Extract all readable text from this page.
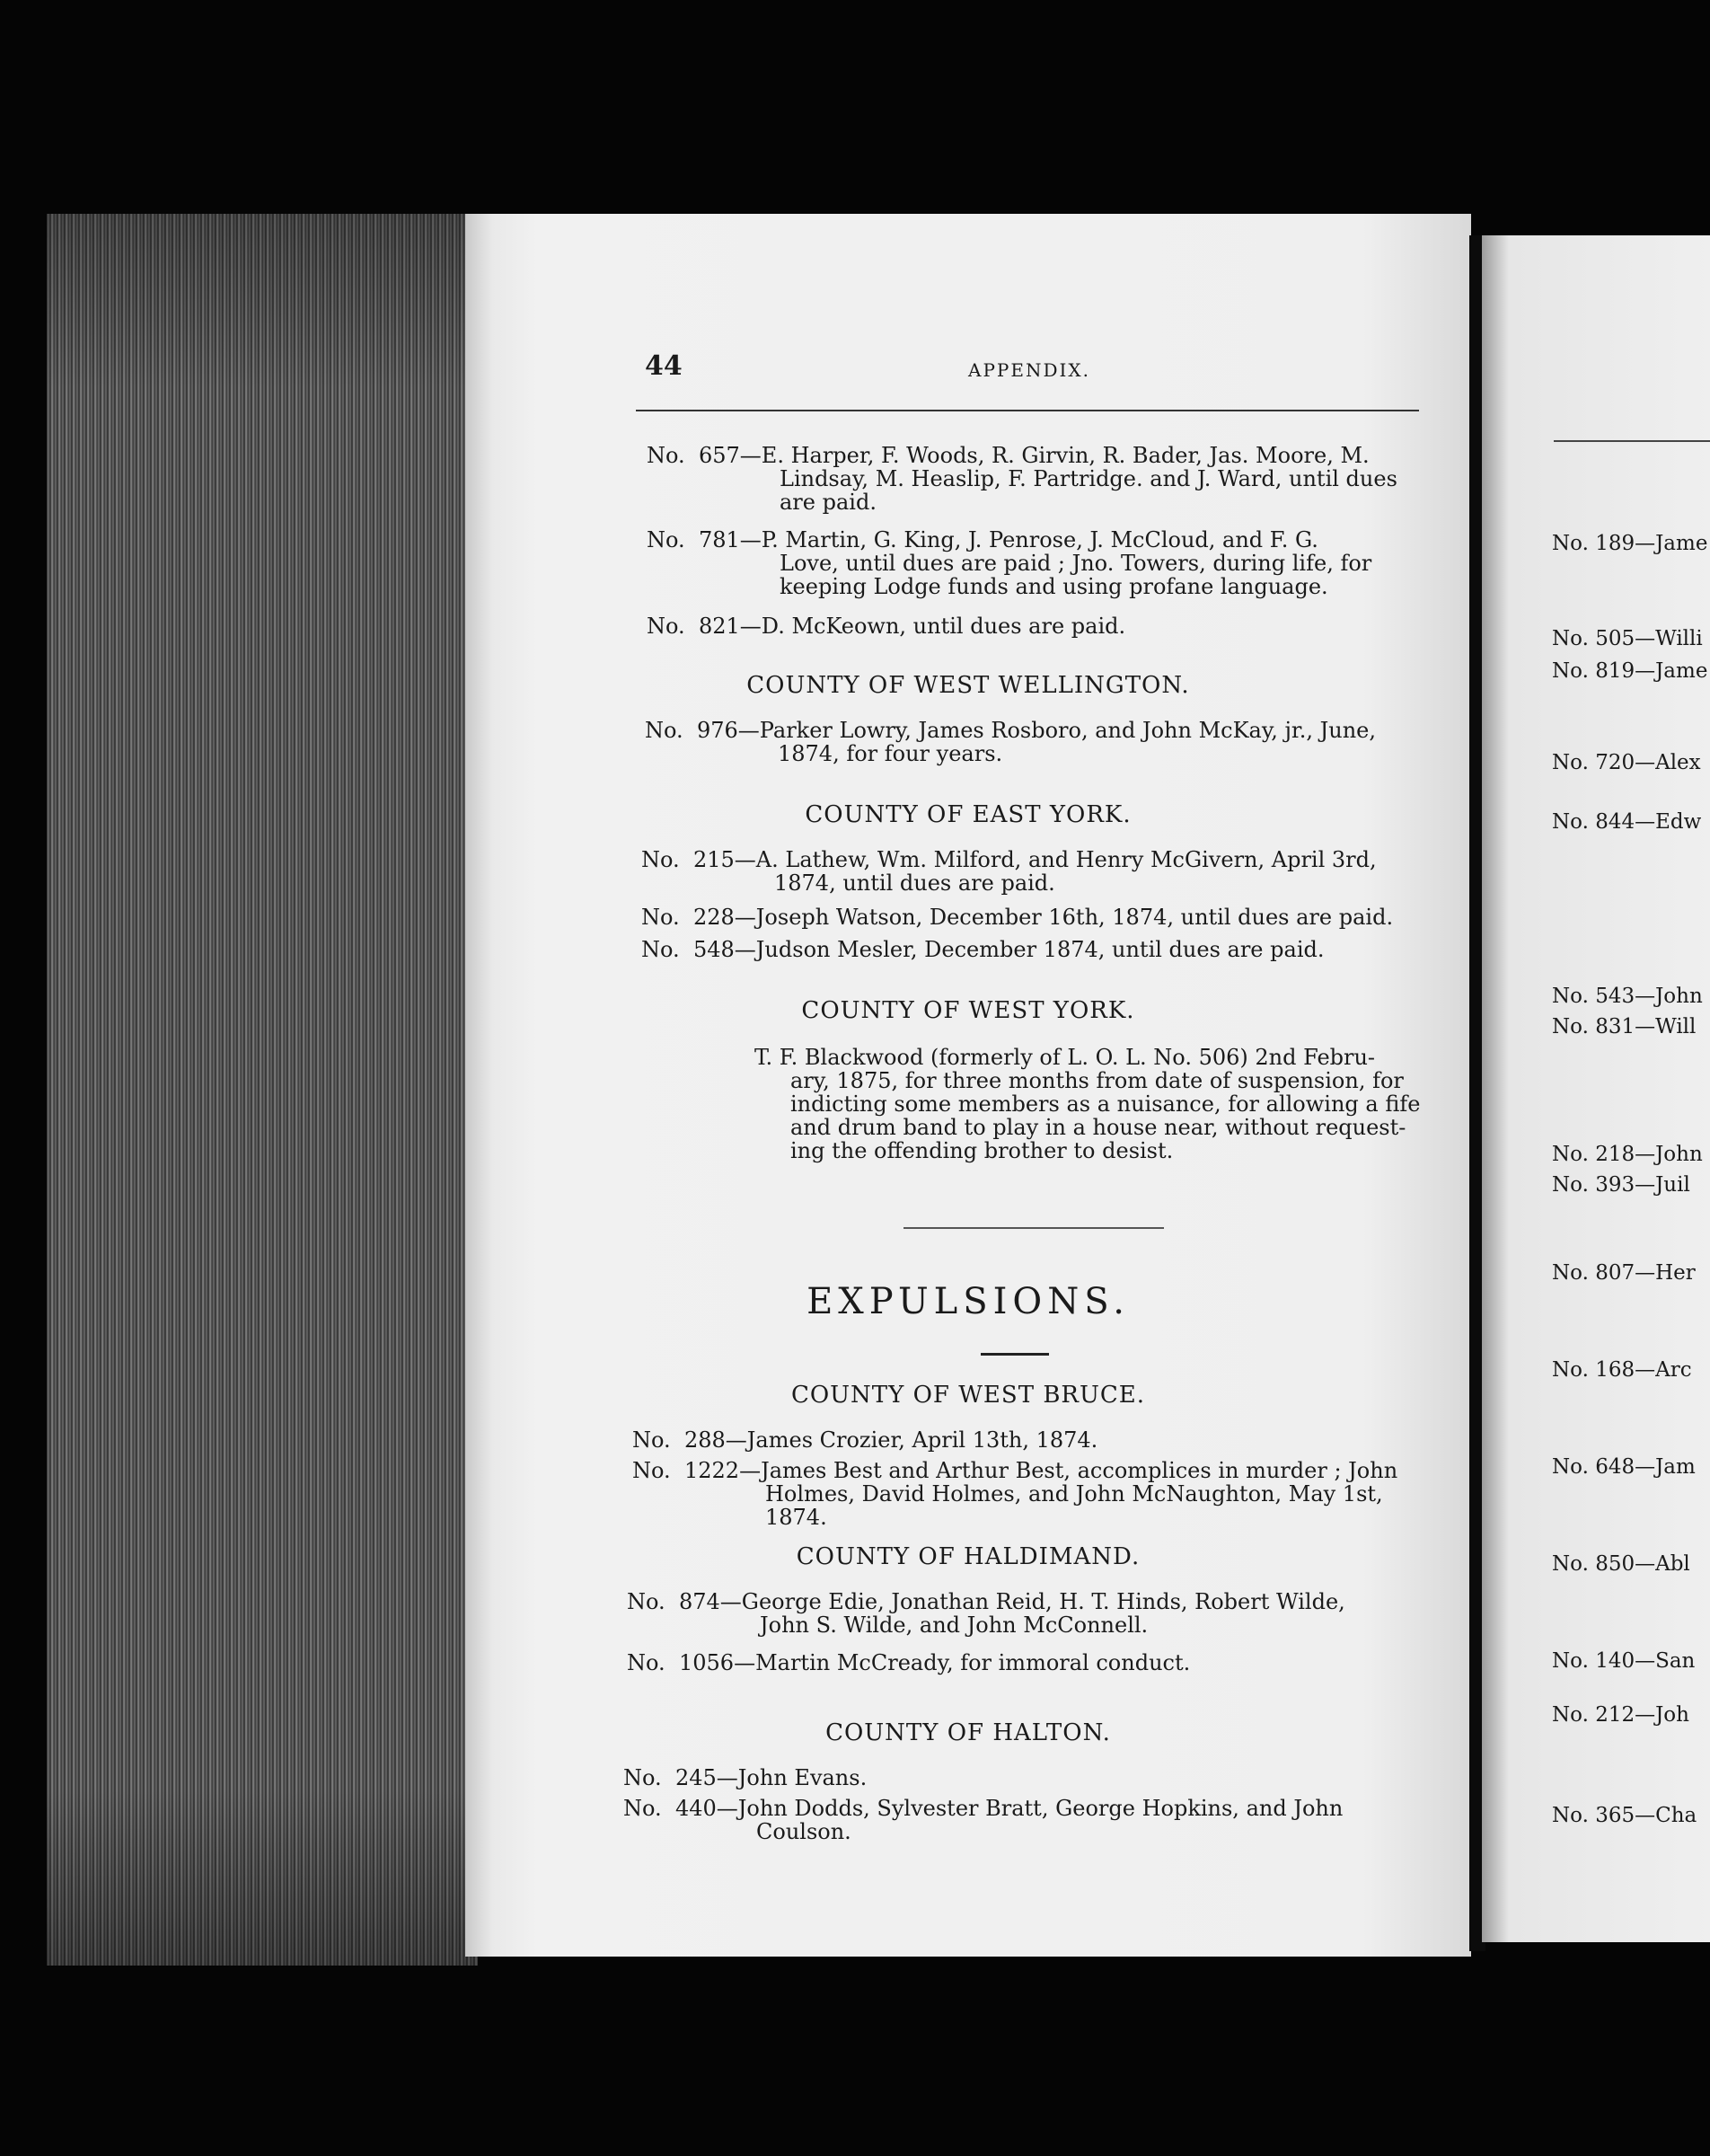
44	APPENDIX.
No. 657—E. Harper, F. Woods, R. Girvin, R. Bader, Jas. Moore, M.
Lindsay, M. Heaslip, F. Partridge. and J. Ward, until dues are paid.
No. 781—P. Martin, G. King, J. Penrose, J. McCloud, and F. G.
Love, until dues are paid ; Jno. Towers, during life, for keeping Lodge funds and using profane language.
No. 821—D. McKeown, until dues are paid.
COUNTY OF WEST WELLINGTON.
No. 976—Parker Lowry, James Rosboro, and John McKay, jr., June,
1874, for four years.
COUNTY OF EAST YORK.
No. 215—A. Lathew, Wm. Milford, and Henry McGivern, April 3rd,
1874, until dues are paid.
No. 228—Joseph Watson, December 16th, 1874, until dues are paid.
No. 548—Judson Mesler, December 1874, until dues are paid.
COUNTY OF WEST YORK.
T. F. Blackwood (formerly of L. O. L. No. 506) 2nd Febru-
ary, 1875, for three months from date of suspension, for indicting some members as a nuisance, for allowing a fife and drum band to play in a house near, without request-ing the offending brother to desist.
EXPULSIONS.
COUNTY OF WEST BRUCE.
No. 288—James Crozier, April 13th, 1874.
No. 1222—James Best and Arthur Best, accomplices in murder ; John
Holmes, David Holmes, and John McNaughton, May 1st, 1874.
COUNTY OF HALDIMAND.
No. 874—George Edie, Jonathan Reid, H. T. Hinds, Robert Wilde,
John S. Wilde, and John McConnell.
No. 1056—Martin McCready, for immoral conduct.
COUNTY OF HALTON.
No. 245—John Evans.
No. 440—John Dodds, Sylvester Bratt, George Hopkins, and John
Coulson.
No. 189—Jame
No. 505—Willi
No. 819—Jame
No. 720—Alex
No. 844—Edw
No. 543—John
No. 831—Will
No. 218—John
No. 393—Juil
No. 807—Her
No. 168—Arc
No. 648—Jam
No. 850—Abl
No. 140—San
No. 212—Joh
No. 365—Cha
